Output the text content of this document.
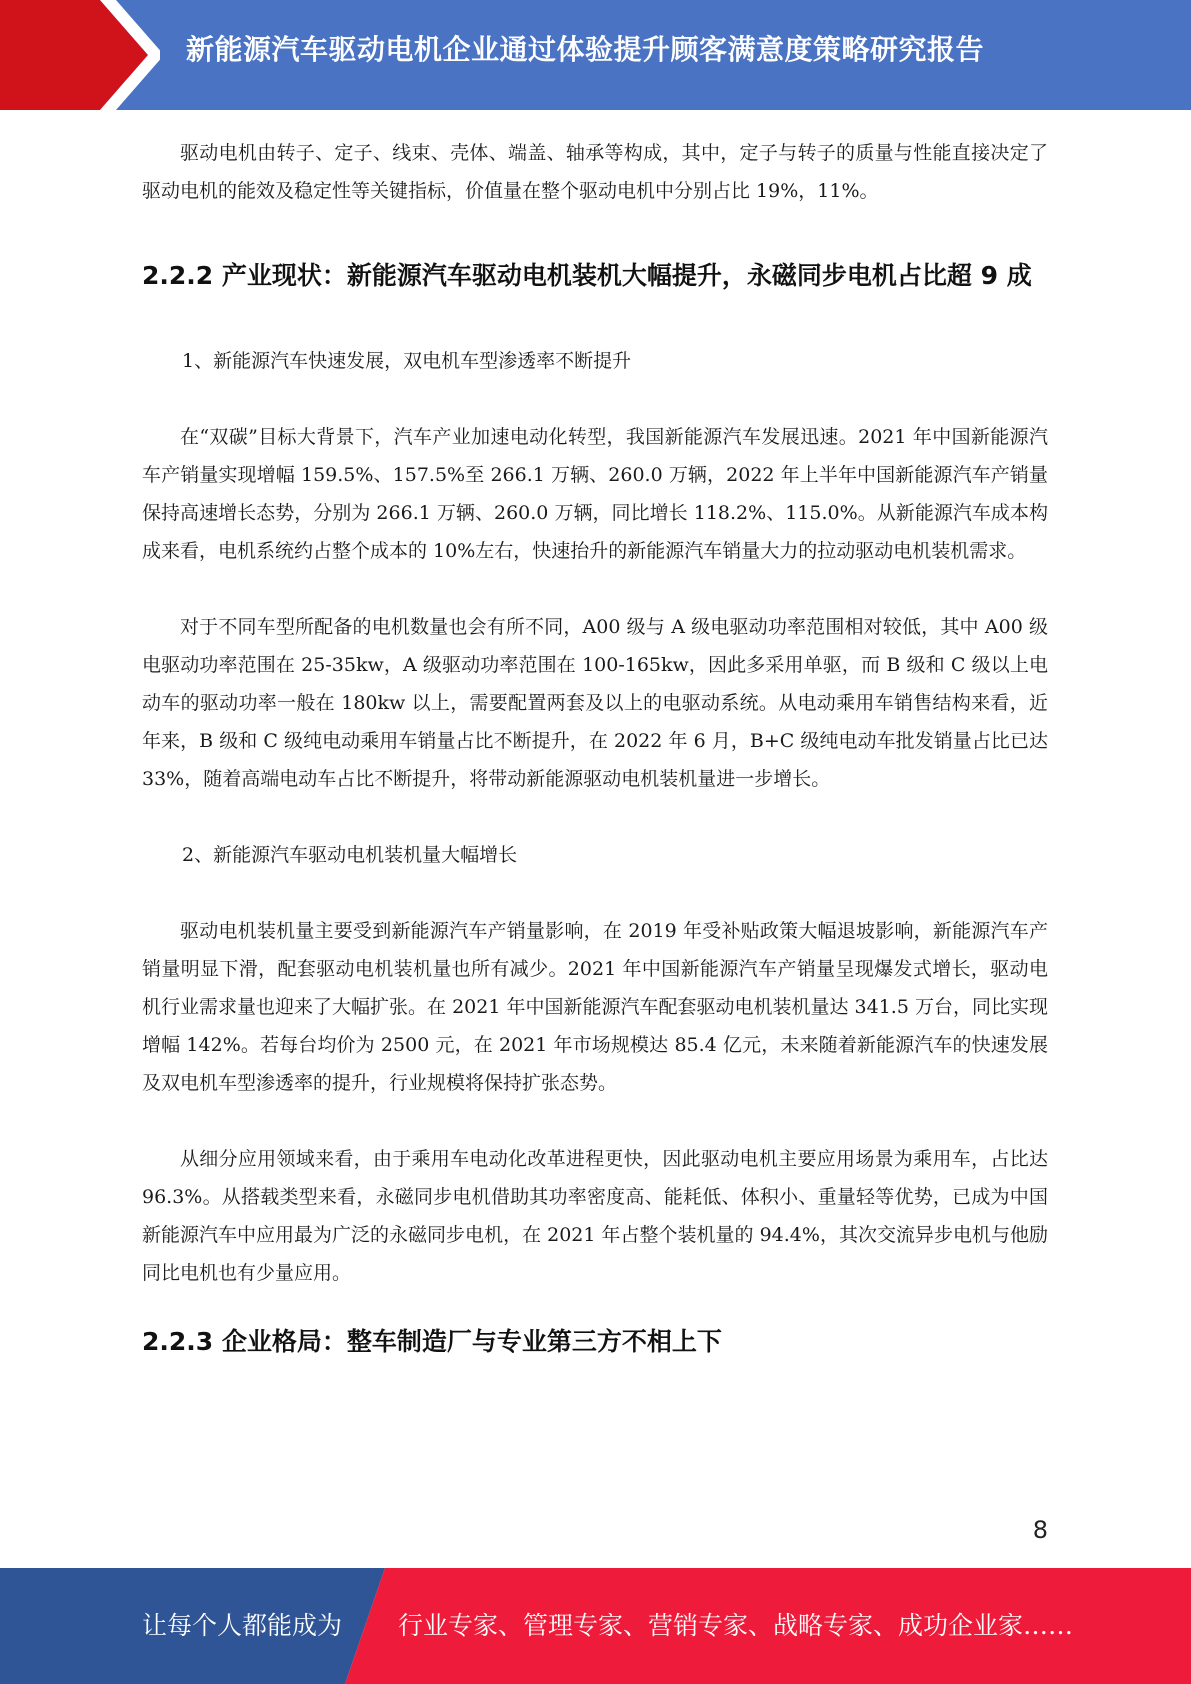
新能源汽车驱动电机企业通过体验提升顾客满意度策略研究报告

驱动电机由转子、定子、线束、壳体、端盖、轴承等构成，其中，定子与转子的质量与性能直接决定了驱动电机的能效及稳定性等关键指标，价值量在整个驱动电机中分别占比 19%，11%。

2.2.2 产业现状：新能源汽车驱动电机装机大幅提升，永磁同步电机占比超 9 成

1、新能源汽车快速发展，双电机车型渗透率不断提升

在“双碳”目标大背景下，汽车产业加速电动化转型，我国新能源汽车发展迅速。2021 年中国新能源汽车产销量实现增幅 159.5%、157.5%至 266.1 万辆、260.0 万辆，2022 年上半年中国新能源汽车产销量保持高速增长态势，分别为 266.1 万辆、260.0 万辆，同比增长 118.2%、115.0%。从新能源汽车成本构成来看，电机系统约占整个成本的 10%左右，快速抬升的新能源汽车销量大力的拉动驱动电机装机需求。

对于不同车型所配备的电机数量也会有所不同，A00 级与 A 级电驱动功率范围相对较低，其中 A00 级电驱动功率范围在 25-35kw，A 级驱动功率范围在 100-165kw，因此多采用单驱，而 B 级和 C 级以上电动车的驱动功率一般在 180kw 以上，需要配置两套及以上的电驱动系统。从电动乘用车销售结构来看，近年来，B 级和 C 级纯电动乘用车销量占比不断提升，在 2022 年 6 月，B+C 级纯电动车批发销量占比已达 33%，随着高端电动车占比不断提升，将带动新能源驱动电机装机量进一步增长。

2、新能源汽车驱动电机装机量大幅增长

驱动电机装机量主要受到新能源汽车产销量影响，在 2019 年受补贴政策大幅退坡影响，新能源汽车产销量明显下滑，配套驱动电机装机量也所有减少。2021 年中国新能源汽车产销量呈现爆发式增长，驱动电机行业需求量也迎来了大幅扩张。在 2021 年中国新能源汽车配套驱动电机装机量达 341.5 万台，同比实现增幅 142%。若每台均价为 2500 元，在 2021 年市场规模达 85.4 亿元，未来随着新能源汽车的快速发展及双电机车型渗透率的提升，行业规模将保持扩张态势。

从细分应用领域来看，由于乘用车电动化改革进程更快，因此驱动电机主要应用场景为乘用车，占比达 96.3%。从搭载类型来看，永磁同步电机借助其功率密度高、能耗低、体积小、重量轻等优势，已成为中国新能源汽车中应用最为广泛的永磁同步电机，在 2021 年占整个装机量的 94.4%，其次交流异步电机与他励同比电机也有少量应用。

2.2.3 企业格局：整车制造厂与专业第三方不相上下
8
让每个人都能成为 行业专家、管理专家、营销专家、战略专家、成功企业家……
